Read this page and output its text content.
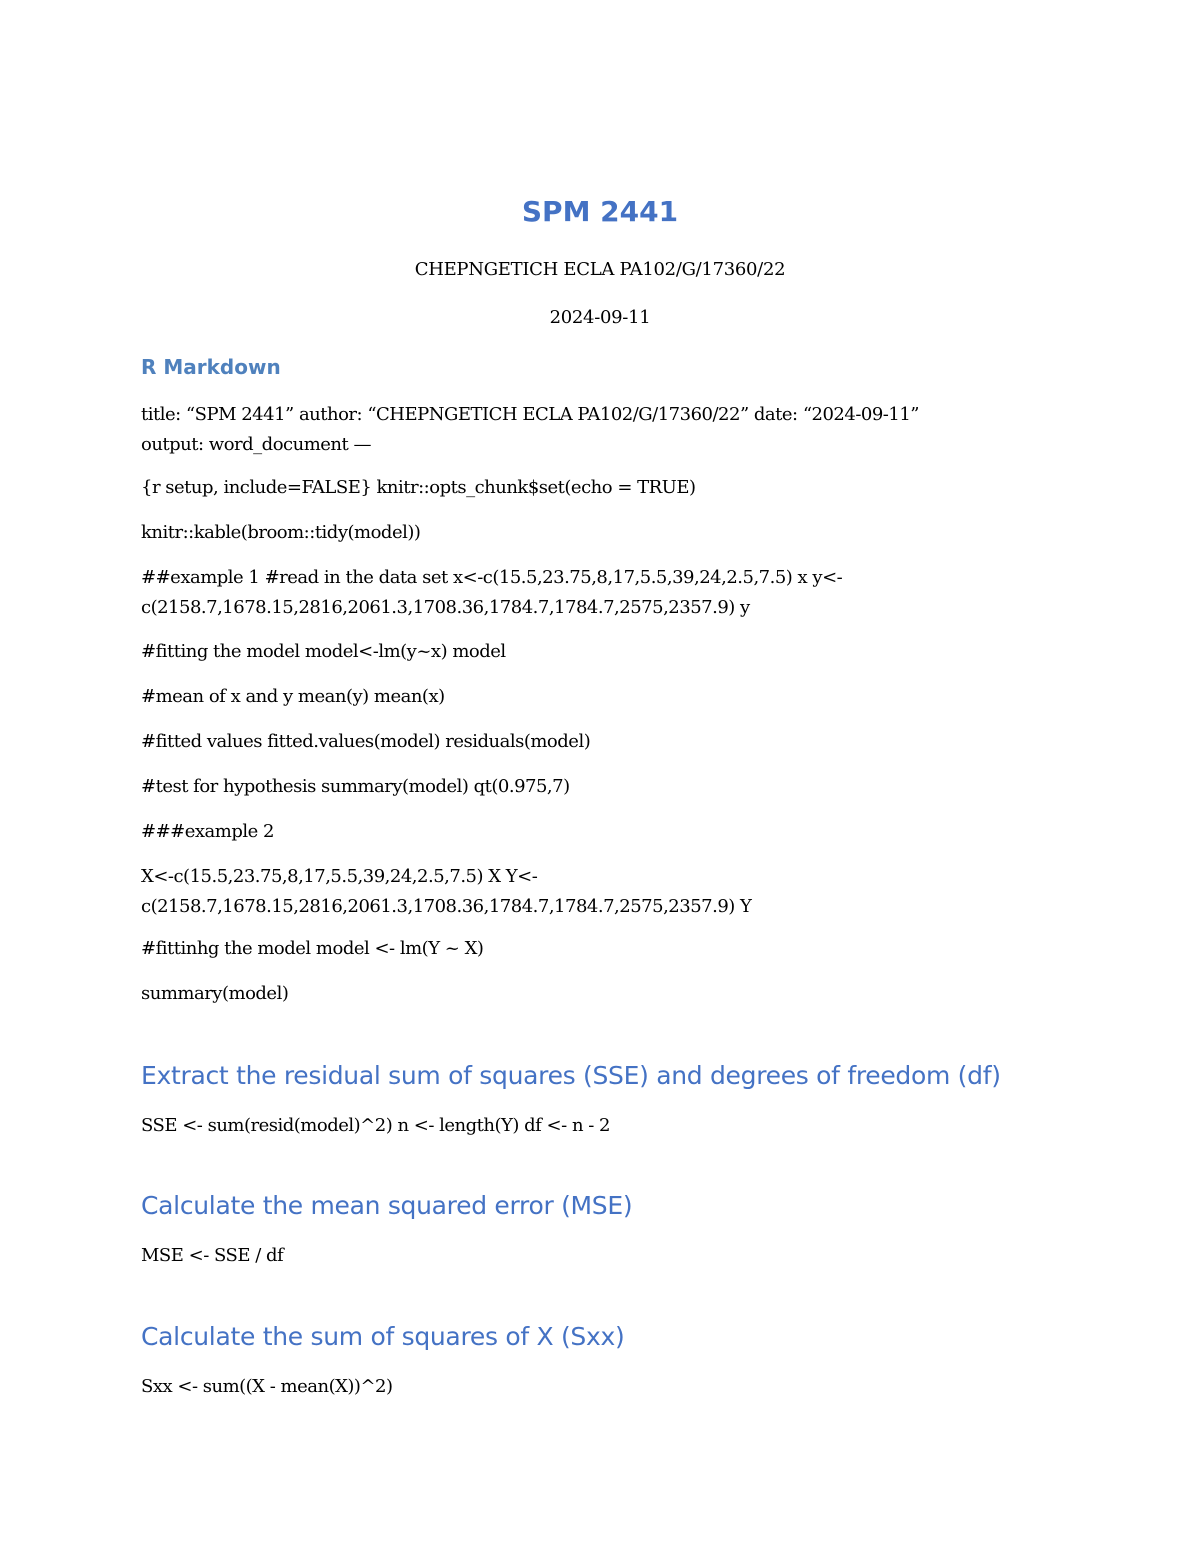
SPM 2441
CHEPNGETICH ECLA PA102/G/17360/22
2024-09-11
R Markdown
title: “SPM 2441” author: “CHEPNGETICH ECLA PA102/G/17360/22” date: “2024-09-11”
output: word_document —
{r setup, include=FALSE} knitr::opts_chunk$set(echo = TRUE)
knitr::kable(broom::tidy(model))
##example 1 #read in the data set x<-c(15.5,23.75,8,17,5.5,39,24,2.5,7.5) x y<-
c(2158.7,1678.15,2816,2061.3,1708.36,1784.7,1784.7,2575,2357.9) y
#fitting the model model<-lm(y~x) model
#mean of x and y mean(y) mean(x)
#fitted values fitted.values(model) residuals(model)
#test for hypothesis summary(model) qt(0.975,7)
###example 2
X<-c(15.5,23.75,8,17,5.5,39,24,2.5,7.5) X Y<-
c(2158.7,1678.15,2816,2061.3,1708.36,1784.7,1784.7,2575,2357.9) Y
#fittinhg the model model <- lm(Y ~ X)
summary(model)
Extract the residual sum of squares (SSE) and degrees of freedom (df)
SSE <- sum(resid(model)^2) n <- length(Y) df <- n - 2
Calculate the mean squared error (MSE)
MSE <- SSE / df
Calculate the sum of squares of X (Sxx)
Sxx <- sum((X - mean(X))^2)
